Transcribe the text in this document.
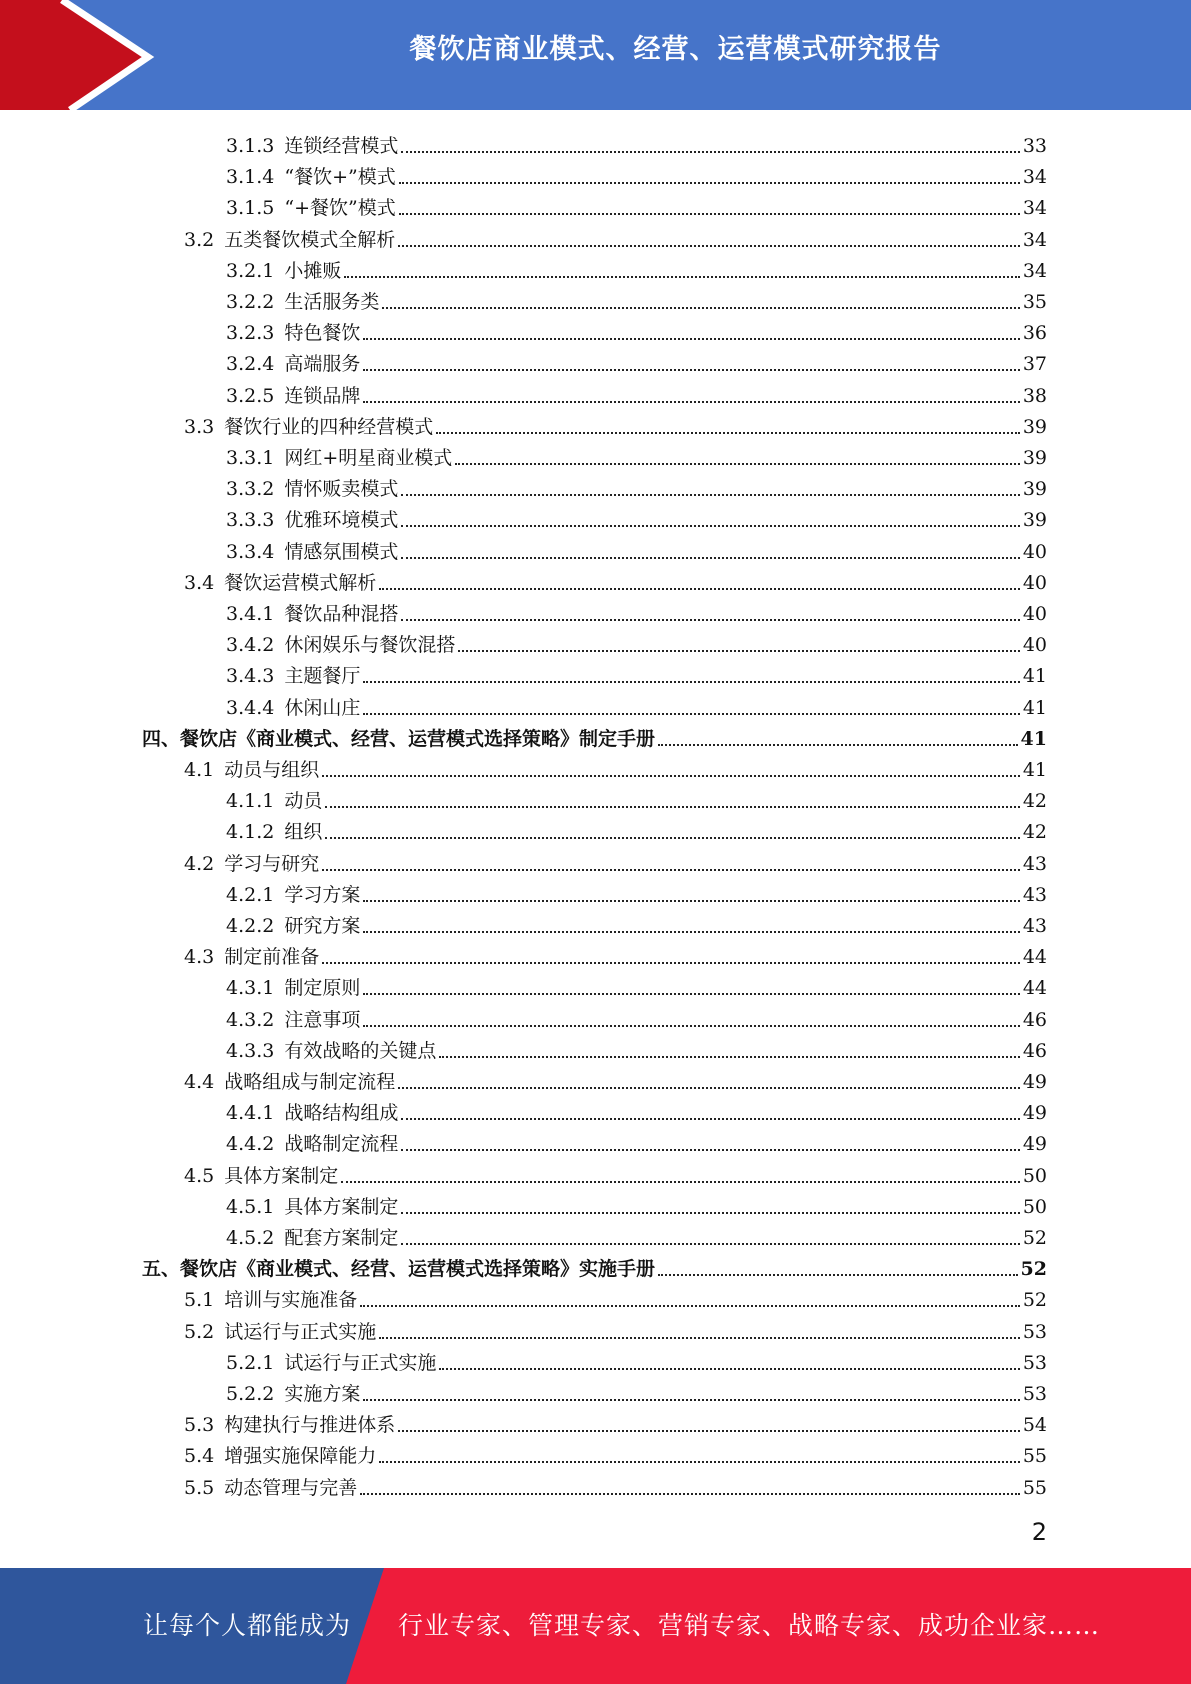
餐饮店商业模式、经营、运营模式研究报告
3.1.3 连锁经营模式	33
3.1.4 “餐饮+”模式	34
3.1.5 “+餐饮”模式	34
3.2 五类餐饮模式全解析	34
3.2.1 小摊贩	34
3.2.2 生活服务类	35
3.2.3 特色餐饮	36
3.2.4 高端服务	37
3.2.5 连锁品牌	38
3.3 餐饮行业的四种经营模式	39
3.3.1 网红+明星商业模式	39
3.3.2 情怀贩卖模式	39
3.3.3 优雅环境模式	39
3.3.4 情感氛围模式	40
3.4 餐饮运营模式解析	40
3.4.1 餐饮品种混搭	40
3.4.2 休闲娱乐与餐饮混搭	40
3.4.3 主题餐厅	41
3.4.4 休闲山庄	41
四、 餐饮店《商业模式、经营、运营模式选择策略》制定手册	41
4.1 动员与组织	41
4.1.1 动员	42
4.1.2 组织	42
4.2 学习与研究	43
4.2.1 学习方案	43
4.2.2 研究方案	43
4.3 制定前准备	44
4.3.1 制定原则	44
4.3.2 注意事项	46
4.3.3 有效战略的关键点	46
4.4 战略组成与制定流程	49
4.4.1 战略结构组成	49
4.4.2 战略制定流程	49
4.5 具体方案制定	50
4.5.1 具体方案制定	50
4.5.2 配套方案制定	52
五、 餐饮店《商业模式、经营、运营模式选择策略》实施手册	52
5.1 培训与实施准备	52
5.2 试运行与正式实施	53
5.2.1 试运行与正式实施	53
5.2.2 实施方案	53
5.3 构建执行与推进体系	54
5.4 增强实施保障能力	55
5.5 动态管理与完善	55
2
让每个人都能成为 行业专家、管理专家、营销专家、战略专家、成功企业家……
